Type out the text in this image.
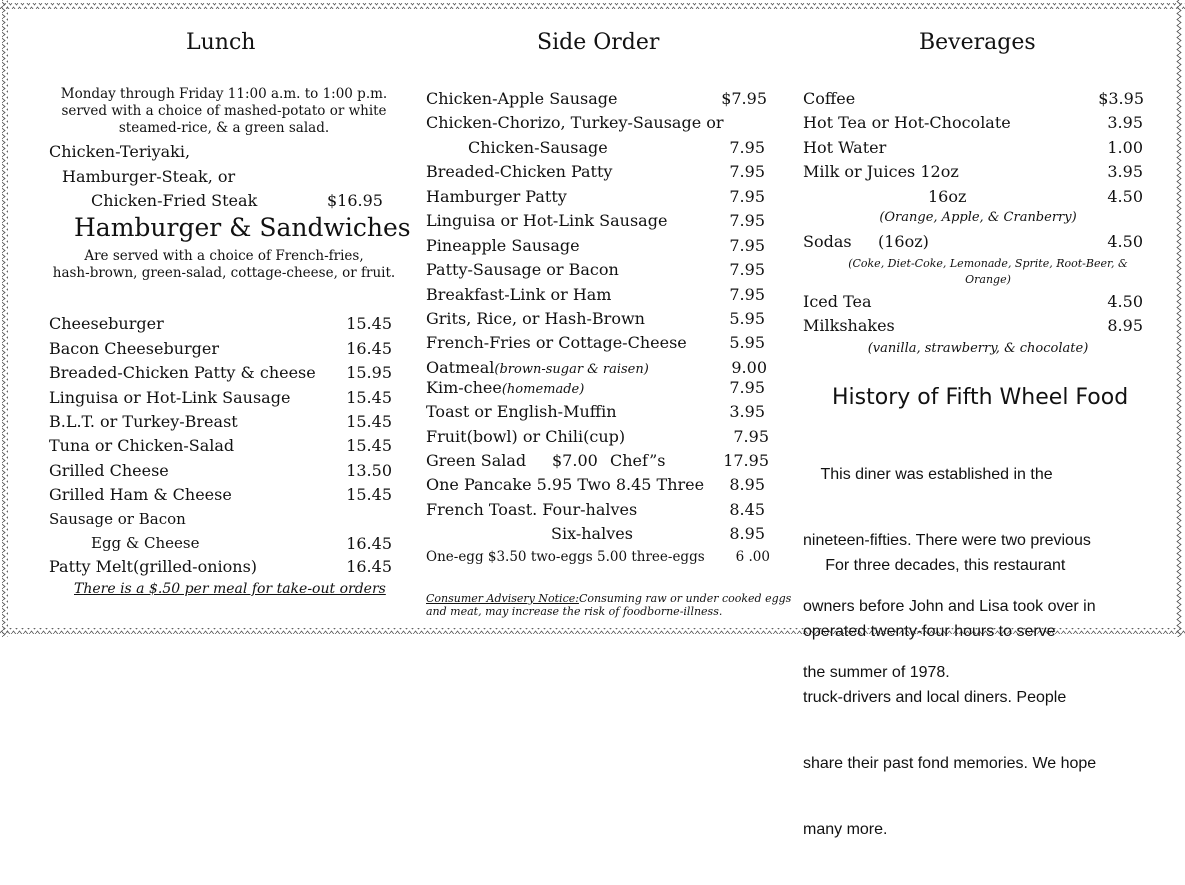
Lunch
Monday through Friday 11:00 a.m. to 1:00 p.m.
served with a choice of mashed-potato or white
steamed-rice, & a green salad.
Chicken-Teriyaki,
Hamburger-Steak, or
Chicken-Fried Steak	$16.95
Hamburger & Sandwiches
Are served with a choice of French-fries,
hash-brown, green-salad, cottage-cheese, or fruit.
Cheeseburger	15.45
Bacon Cheeseburger	16.45
Breaded-Chicken Patty & cheese	15.95
Linguisa or Hot-Link Sausage	15.45
B.L.T. or Turkey-Breast	15.45
Tuna or Chicken-Salad	15.45
Grilled Cheese	13.50
Grilled Ham & Cheese	15.45
Sausage or Bacon
Egg & Cheese	16.45
Patty Melt(grilled-onions)	16.45
There is a $.50 per meal for take-out orders
Side Order
Chicken-Apple Sausage	$7.95
Chicken-Chorizo, Turkey-Sausage or
Chicken-Sausage	7.95
Breaded-Chicken Patty	7.95
Hamburger Patty	7.95
Linguisa or Hot-Link Sausage	7.95
Pineapple Sausage	7.95
Patty-Sausage or Bacon	7.95
Breakfast-Link or Ham	7.95
Grits, Rice, or Hash-Brown	5.95
French-Fries or Cottage-Cheese	5.95
Oatmeal(brown-sugar & raisen)	9.00
Kim-chee(homemade)	7.95
Toast or English-Muffin	3.95
Fruit(bowl) or Chili(cup)	7.95
Green Salad $7.00 Chef”s	17.95
One Pancake 5.95 Two 8.45 Three	8.95
French Toast. Four-halves	8.45
Six-halves	8.95
One-egg $3.50 two-eggs 5.00 three-eggs	6 .00
Consumer Advisery Notice:Consuming raw or under cooked eggs
and meat, may increase the risk of foodborne-illness.
Beverages
Coffee	$3.95
Hot Tea or Hot-Chocolate	3.95
Hot Water	1.00
Milk or Juices 12oz	3.95
16oz	4.50
(Orange, Apple, & Cranberry)
Sodas (16oz)	4.50
(Coke, Diet-Coke, Lemonade, Sprite, Root-Beer, &
Orange)
Iced Tea	4.50
Milkshakes	8.95
(vanilla, strawberry, & chocolate)
History of Fifth Wheel Food

This diner was established in the

nineteen-fifties. There were two previous

owners before John and Lisa took over in

the summer of 1978.

For three decades, this restaurant

operated twenty-four hours to serve

truck-drivers and local diners. People

share their past fond memories. We hope

many more.
